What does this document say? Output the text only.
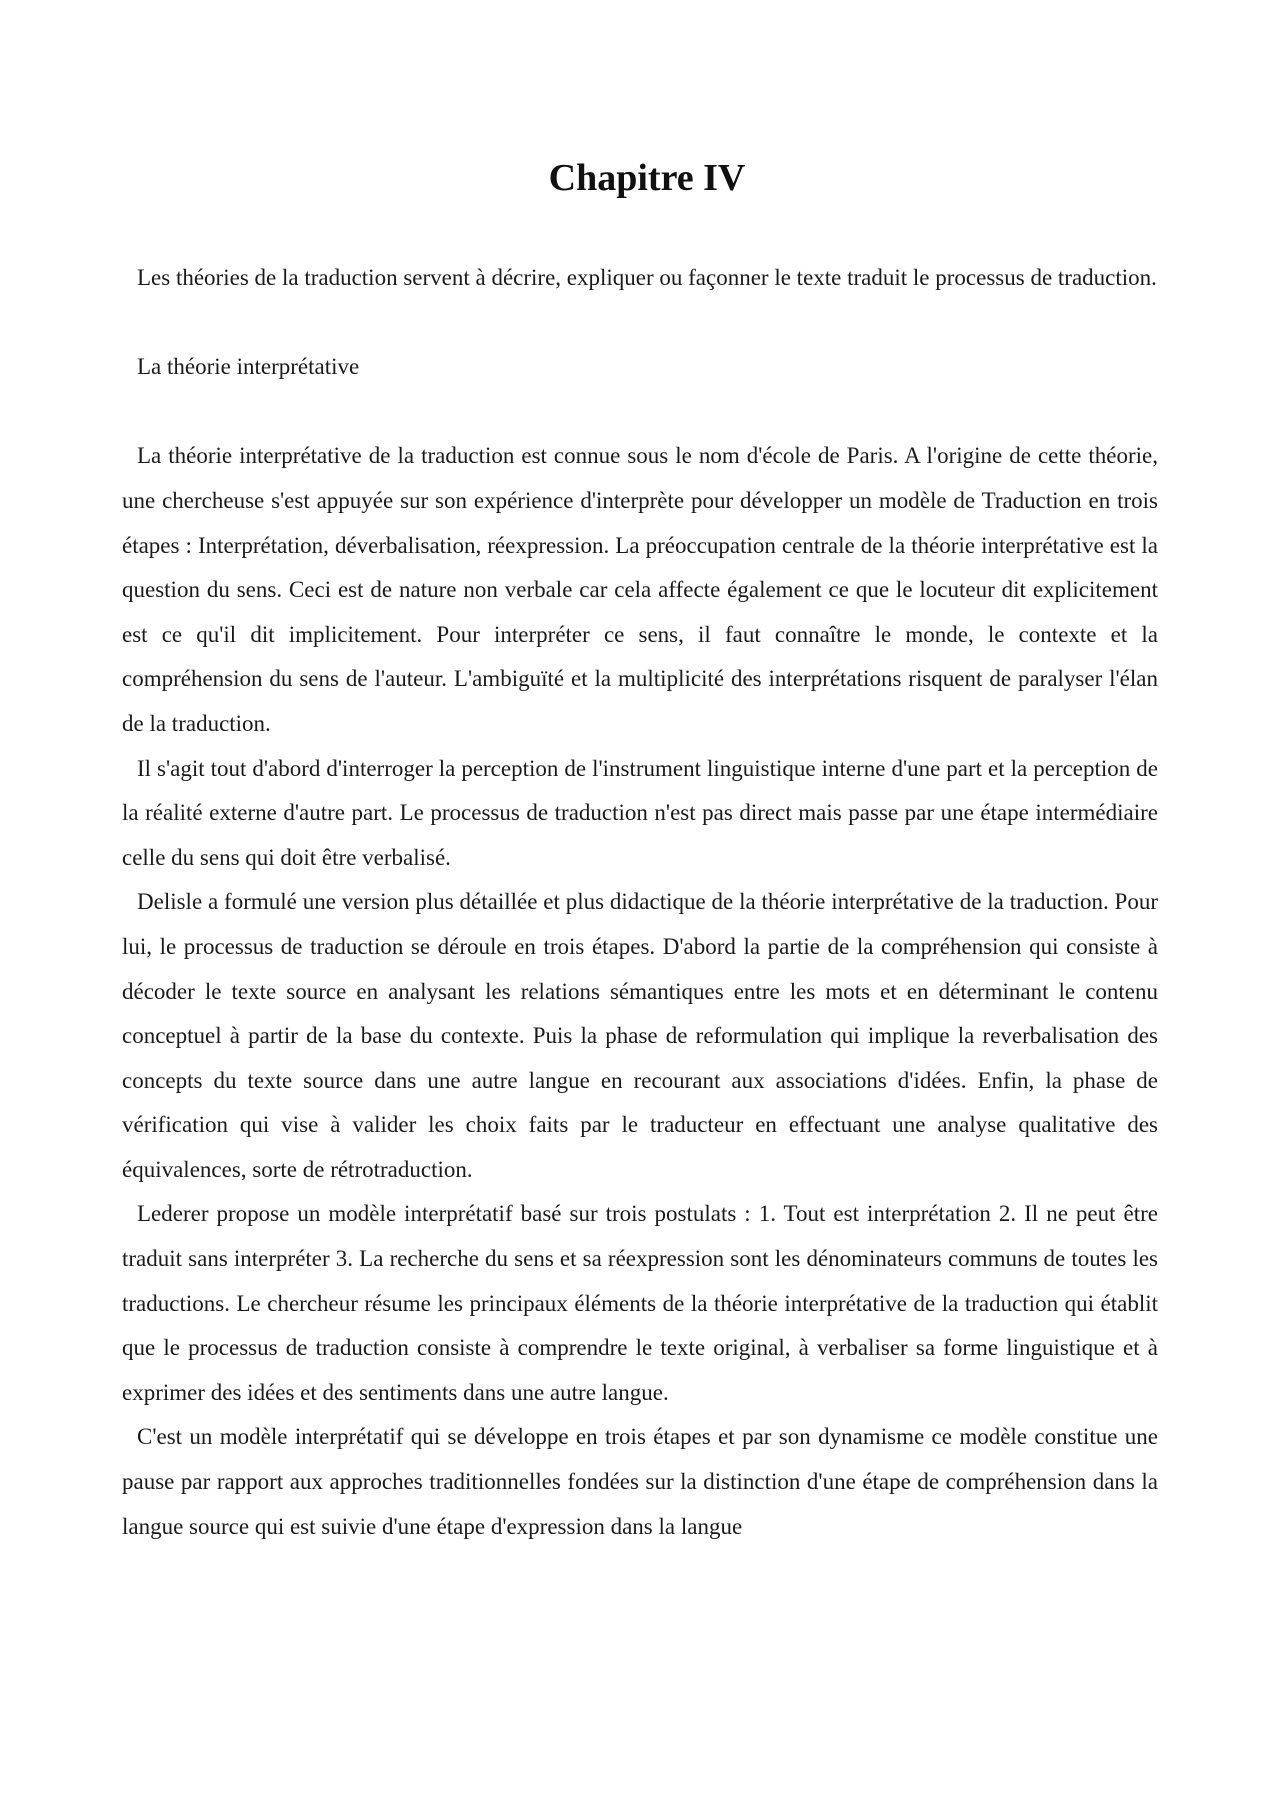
Chapitre IV

Les théories de la traduction servent à décrire, expliquer ou façonner le texte traduit le processus de traduction.

La théorie interprétative

La théorie interprétative de la traduction est connue sous le nom d'école de Paris. A l'origine de cette théorie, une chercheuse s'est appuyée sur son expérience d'interprète pour développer un modèle de Traduction en trois étapes : Interprétation, déverbalisation, réexpression. La préoccupation centrale de la théorie interprétative est la question du sens. Ceci est de nature non verbale car cela affecte également ce que le locuteur dit explicitement est ce qu'il dit implicitement. Pour interpréter ce sens, il faut connaître le monde, le contexte et la compréhension du sens de l'auteur. L'ambiguïté et la multiplicité des interprétations risquent de paralyser l'élan de la traduction.

Il s'agit tout d'abord d'interroger la perception de l'instrument linguistique interne d'une part et la perception de la réalité externe d'autre part. Le processus de traduction n'est pas direct mais passe par une étape intermédiaire celle du sens qui doit être verbalisé.

Delisle a formulé une version plus détaillée et plus didactique de la théorie interprétative de la traduction. Pour lui, le processus de traduction se déroule en trois étapes. D'abord la partie de la compréhension qui consiste à décoder le texte source en analysant les relations sémantiques entre les mots et en déterminant le contenu conceptuel à partir de la base du contexte. Puis la phase de reformulation qui implique la reverbalisation des concepts du texte source dans une autre langue en recourant aux associations d'idées. Enfin, la phase de vérification qui vise à valider les choix faits par le traducteur en effectuant une analyse qualitative des équivalences, sorte de rétrotraduction.

Lederer propose un modèle interprétatif basé sur trois postulats : 1. Tout est interprétation 2. Il ne peut être traduit sans interpréter 3. La recherche du sens et sa réexpression sont les dénominateurs communs de toutes les traductions. Le chercheur résume les principaux éléments de la théorie interprétative de la traduction qui établit que le processus de traduction consiste à comprendre le texte original, à verbaliser sa forme linguistique et à exprimer des idées et des sentiments dans une autre langue.

C'est un modèle interprétatif qui se développe en trois étapes et par son dynamisme ce modèle constitue une pause par rapport aux approches traditionnelles fondées sur la distinction d'une étape de compréhension dans la langue source qui est suivie d'une étape d'expression dans la langue
